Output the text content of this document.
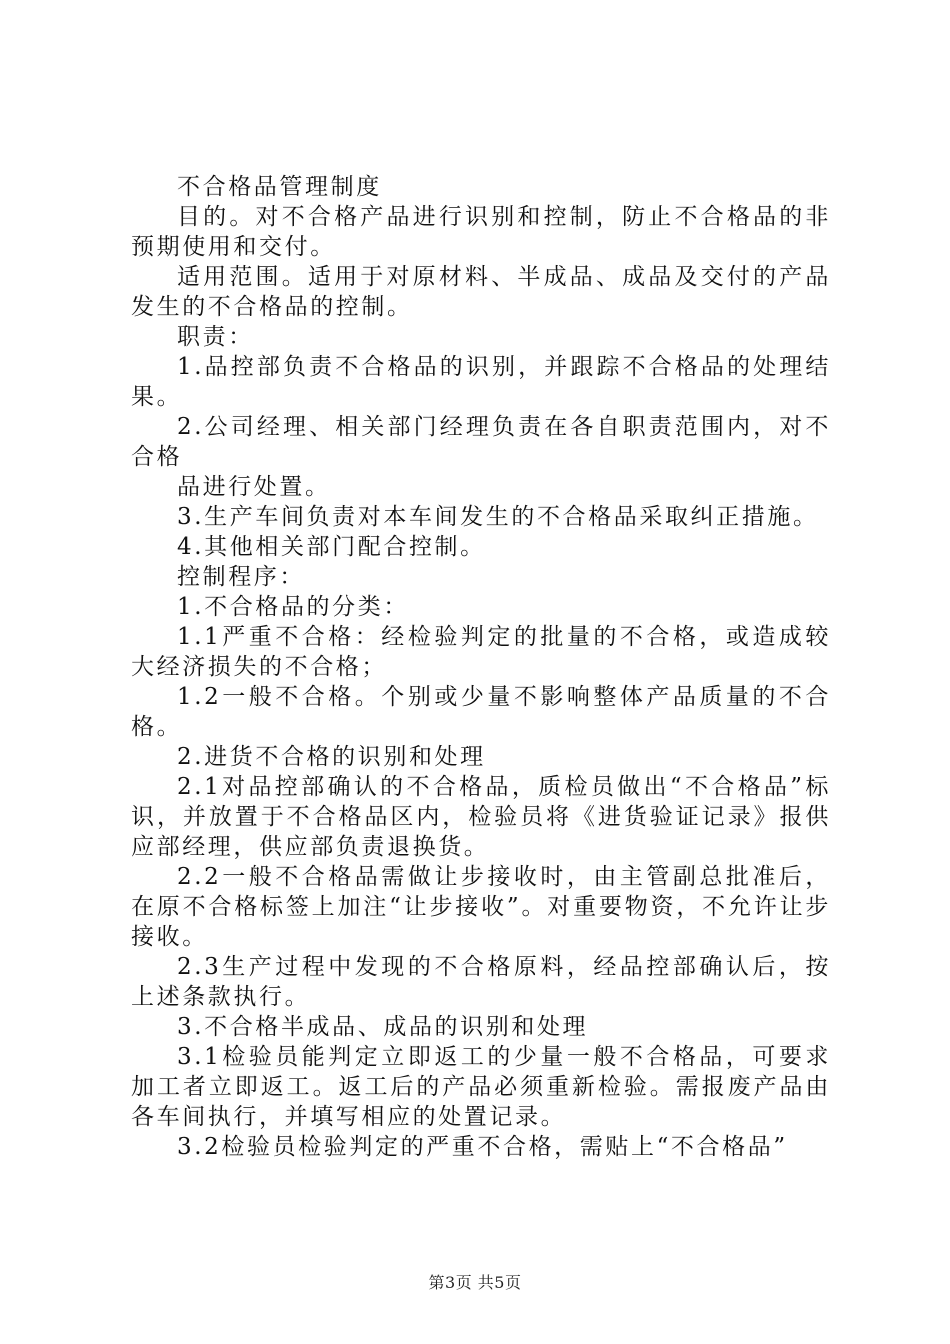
不合格品管理制度

目的。对不合格产品进行识别和控制，防止不合格品的非预期使用和交付。

适用范围。适用于对原材料、半成品、成品及交付的产品发生的不合格品的控制。

职责：

1.品控部负责不合格品的识别，并跟踪不合格品的处理结果。

2.公司经理、相关部门经理负责在各自职责范围内，对不合格

品进行处置。

3.生产车间负责对本车间发生的不合格品采取纠正措施。

4.其他相关部门配合控制。

控制程序：

1.不合格品的分类：

1.1严重不合格：经检验判定的批量的不合格，或造成较大经济损失的不合格；

1.2一般不合格。个别或少量不影响整体产品质量的不合格。

2.进货不合格的识别和处理

2.1对品控部确认的不合格品，质检员做出“不合格品”标识，并放置于不合格品区内，检验员将《进货验证记录》报供应部经理，供应部负责退换货。

2.2一般不合格品需做让步接收时，由主管副总批准后，在原不合格标签上加注“让步接收”。对重要物资，不允许让步接收。

2.3生产过程中发现的不合格原料，经品控部确认后，按上述条款执行。

3.不合格半成品、成品的识别和处理

3.1检验员能判定立即返工的少量一般不合格品，可要求加工者立即返工。返工后的产品必须重新检验。需报废产品由各车间执行，并填写相应的处置记录。

3.2检验员检验判定的严重不合格，需贴上“不合格品”

第3页 共5页
